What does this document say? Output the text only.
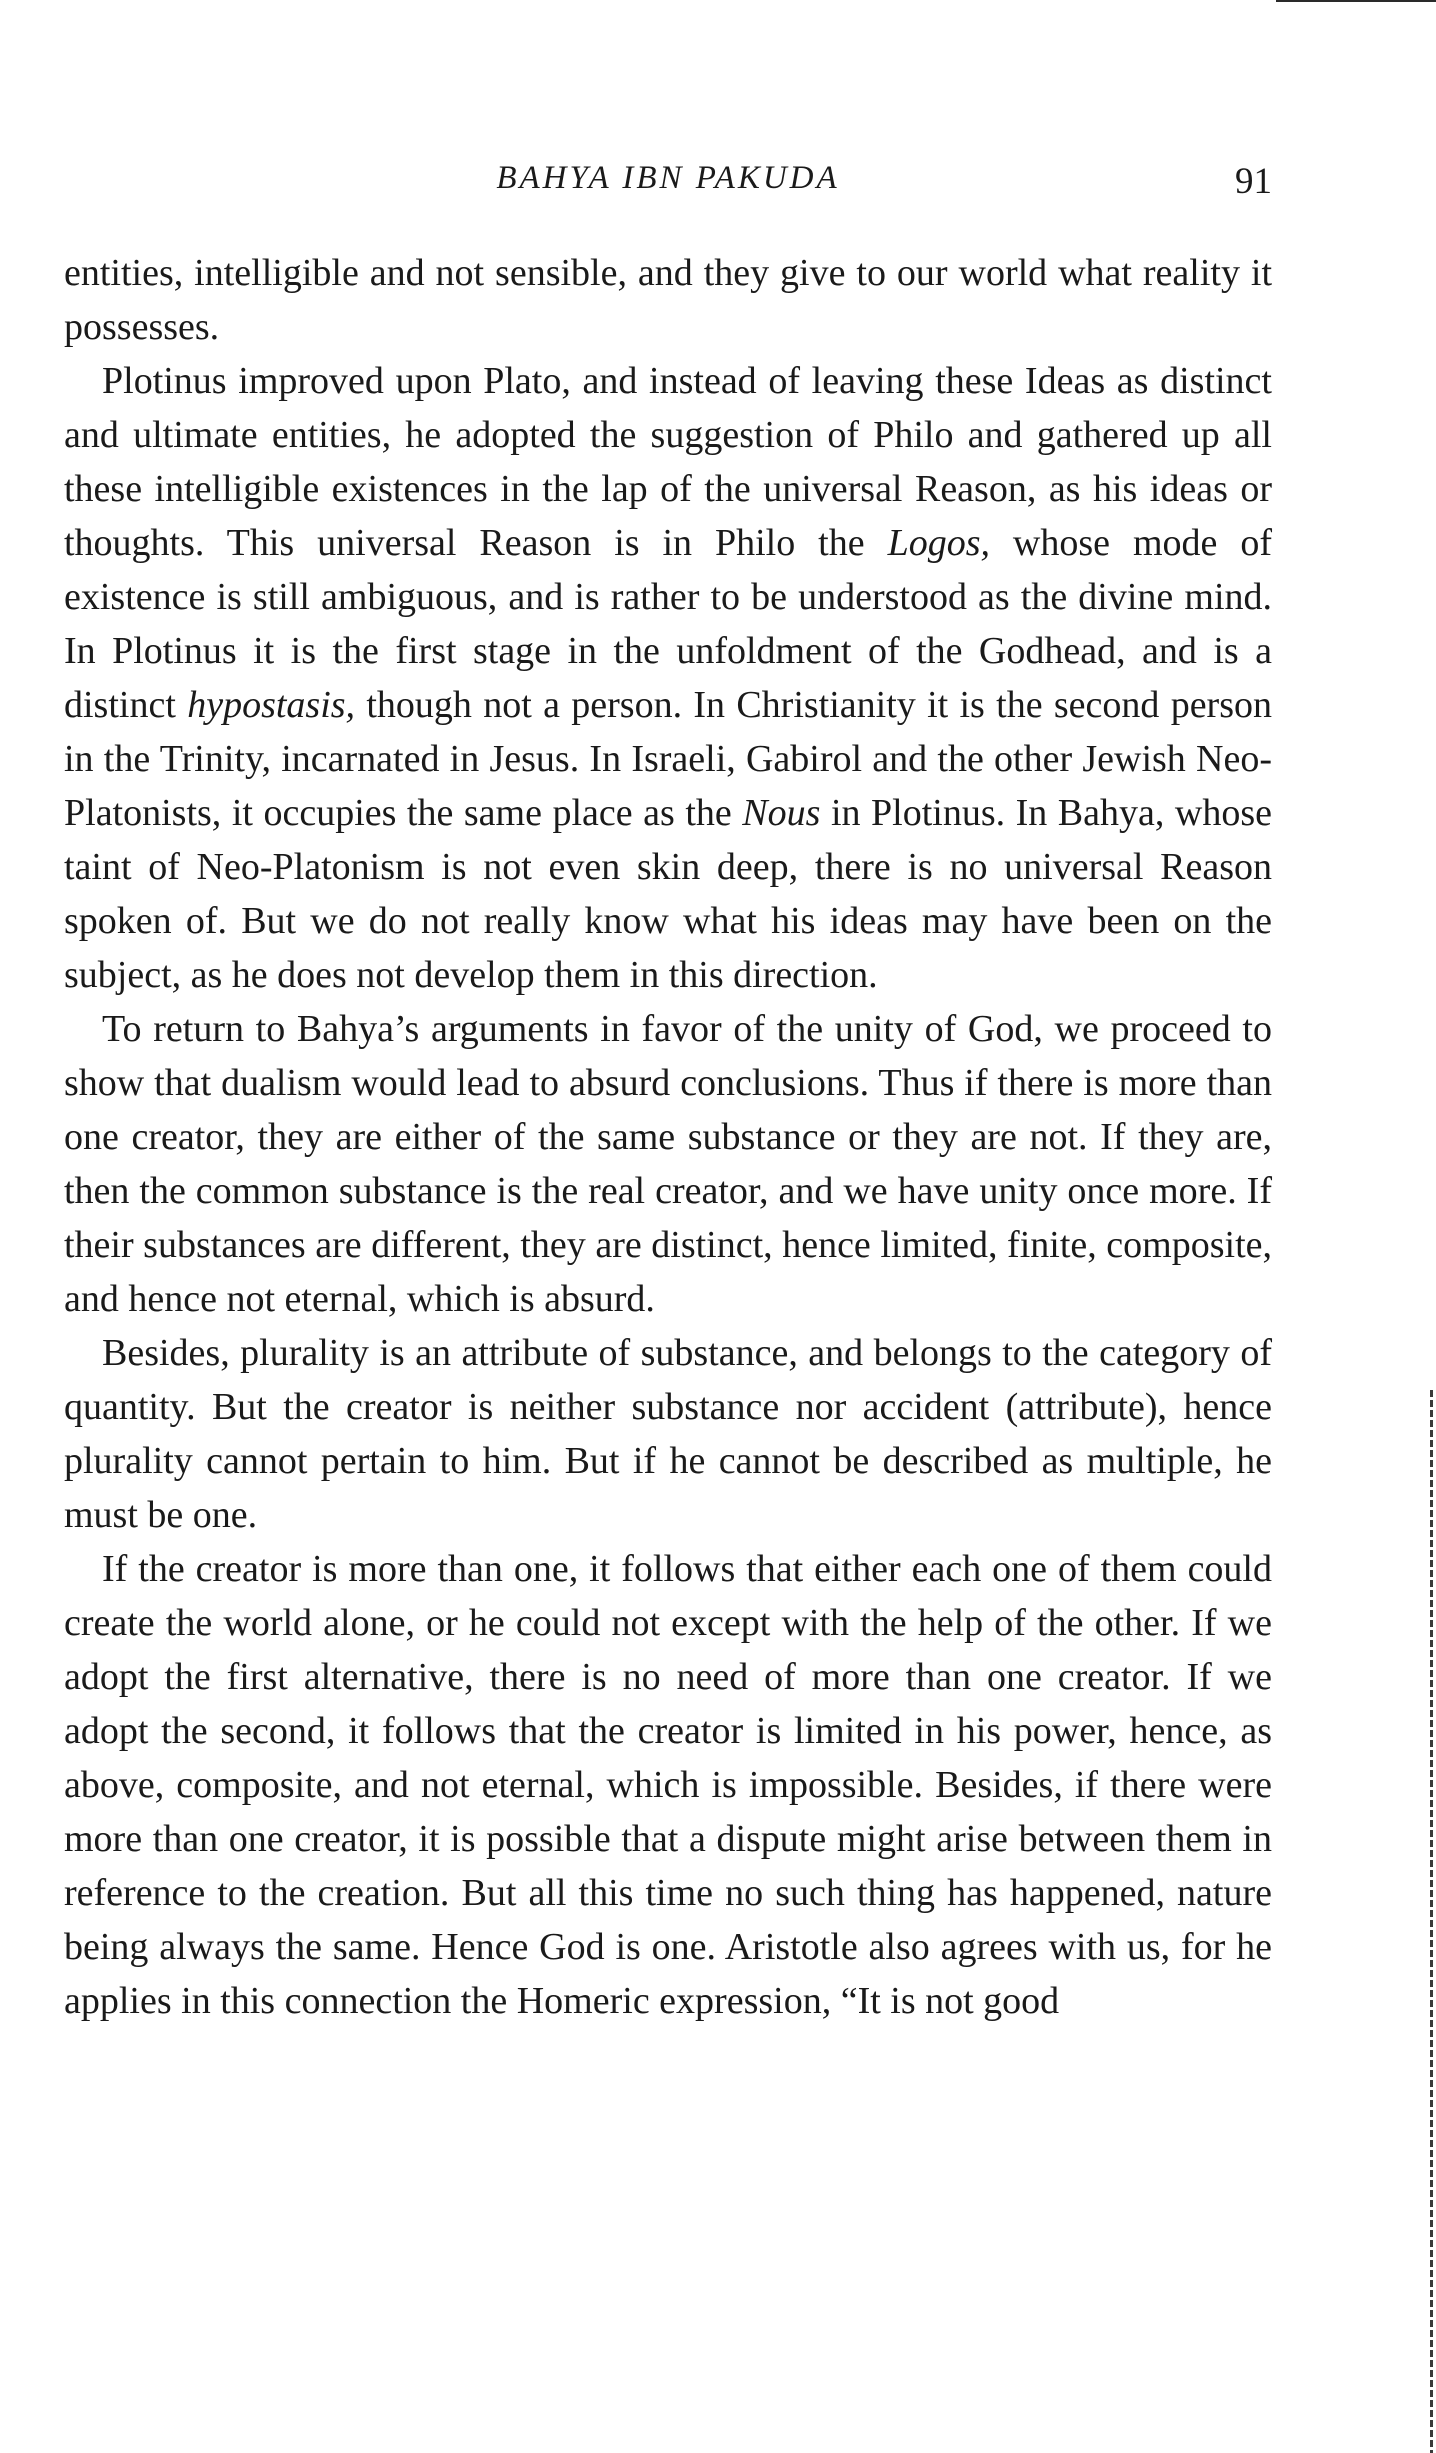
BAHYA IBN PAKUDA	91

entities, intelligible and not sensible, and they give to our world what reality it possesses.

Plotinus improved upon Plato, and instead of leaving these Ideas as distinct and ultimate entities, he adopted the suggestion of Philo and gathered up all these intelligible existences in the lap of the universal Reason, as his ideas or thoughts. This universal Reason is in Philo the Logos, whose mode of existence is still ambiguous, and is rather to be understood as the divine mind. In Plotinus it is the first stage in the unfoldment of the Godhead, and is a distinct hypostasis, though not a person. In Christianity it is the second person in the Trinity, incarnated in Jesus. In Israeli, Gabirol and the other Jewish Neo-Platonists, it occupies the same place as the Nous in Plotinus. In Bahya, whose taint of Neo-Platonism is not even skin deep, there is no universal Reason spoken of. But we do not really know what his ideas may have been on the subject, as he does not develop them in this direction.

To return to Bahya’s arguments in favor of the unity of God, we proceed to show that dualism would lead to absurd conclusions. Thus if there is more than one creator, they are either of the same substance or they are not. If they are, then the common substance is the real creator, and we have unity once more. If their substances are different, they are distinct, hence limited, finite, composite, and hence not eternal, which is absurd.

Besides, plurality is an attribute of substance, and belongs to the category of quantity. But the creator is neither substance nor accident (attribute), hence plurality cannot pertain to him. But if he cannot be described as multiple, he must be one.

If the creator is more than one, it follows that either each one of them could create the world alone, or he could not except with the help of the other. If we adopt the first alternative, there is no need of more than one creator. If we adopt the second, it follows that the creator is limited in his power, hence, as above, composite, and not eternal, which is impossible. Besides, if there were more than one creator, it is possible that a dispute might arise between them in reference to the creation. But all this time no such thing has happened, nature being always the same. Hence God is one. Aristotle also agrees with us, for he applies in this connection the Homeric expression, “It is not good
